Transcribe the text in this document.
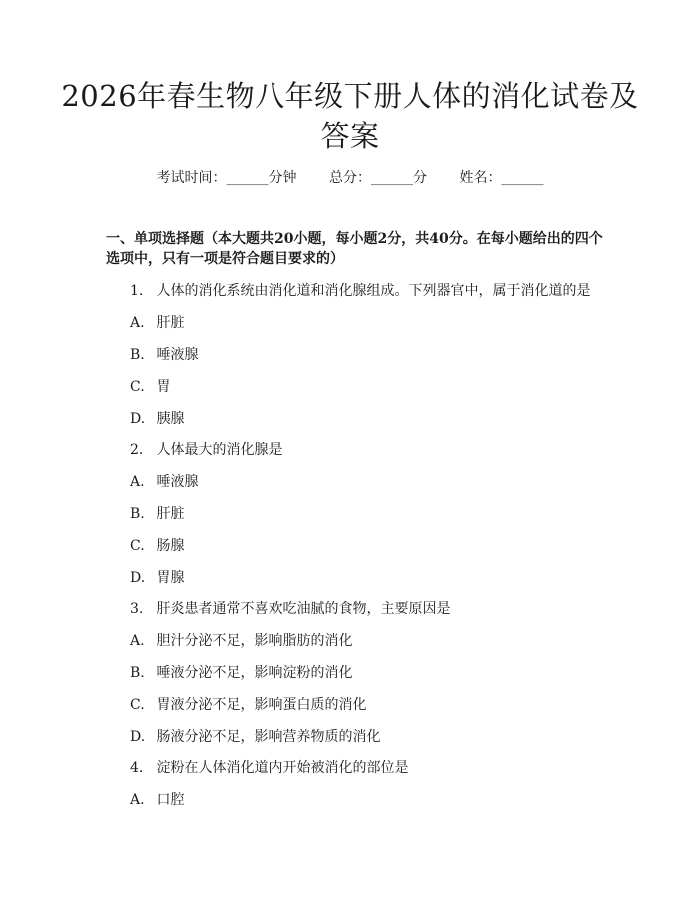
2026年春生物八年级下册人体的消化试卷及答案
考试时间：______分钟 总分：______分 姓名：______

一、单项选择题（本大题共20小题，每小题2分，共40分。在每小题给出的四个选项中，只有一项是符合题目要求的）

1. 人体的消化系统由消化道和消化腺组成。下列器官中，属于消化道的是
A. 肝脏
B. 唾液腺
C. 胃
D. 胰腺
2. 人体最大的消化腺是
A. 唾液腺
B. 肝脏
C. 肠腺
D. 胃腺
3. 肝炎患者通常不喜欢吃油腻的食物，主要原因是
A. 胆汁分泌不足，影响脂肪的消化
B. 唾液分泌不足，影响淀粉的消化
C. 胃液分泌不足，影响蛋白质的消化
D. 肠液分泌不足，影响营养物质的消化
4. 淀粉在人体消化道内开始被消化的部位是
A. 口腔
